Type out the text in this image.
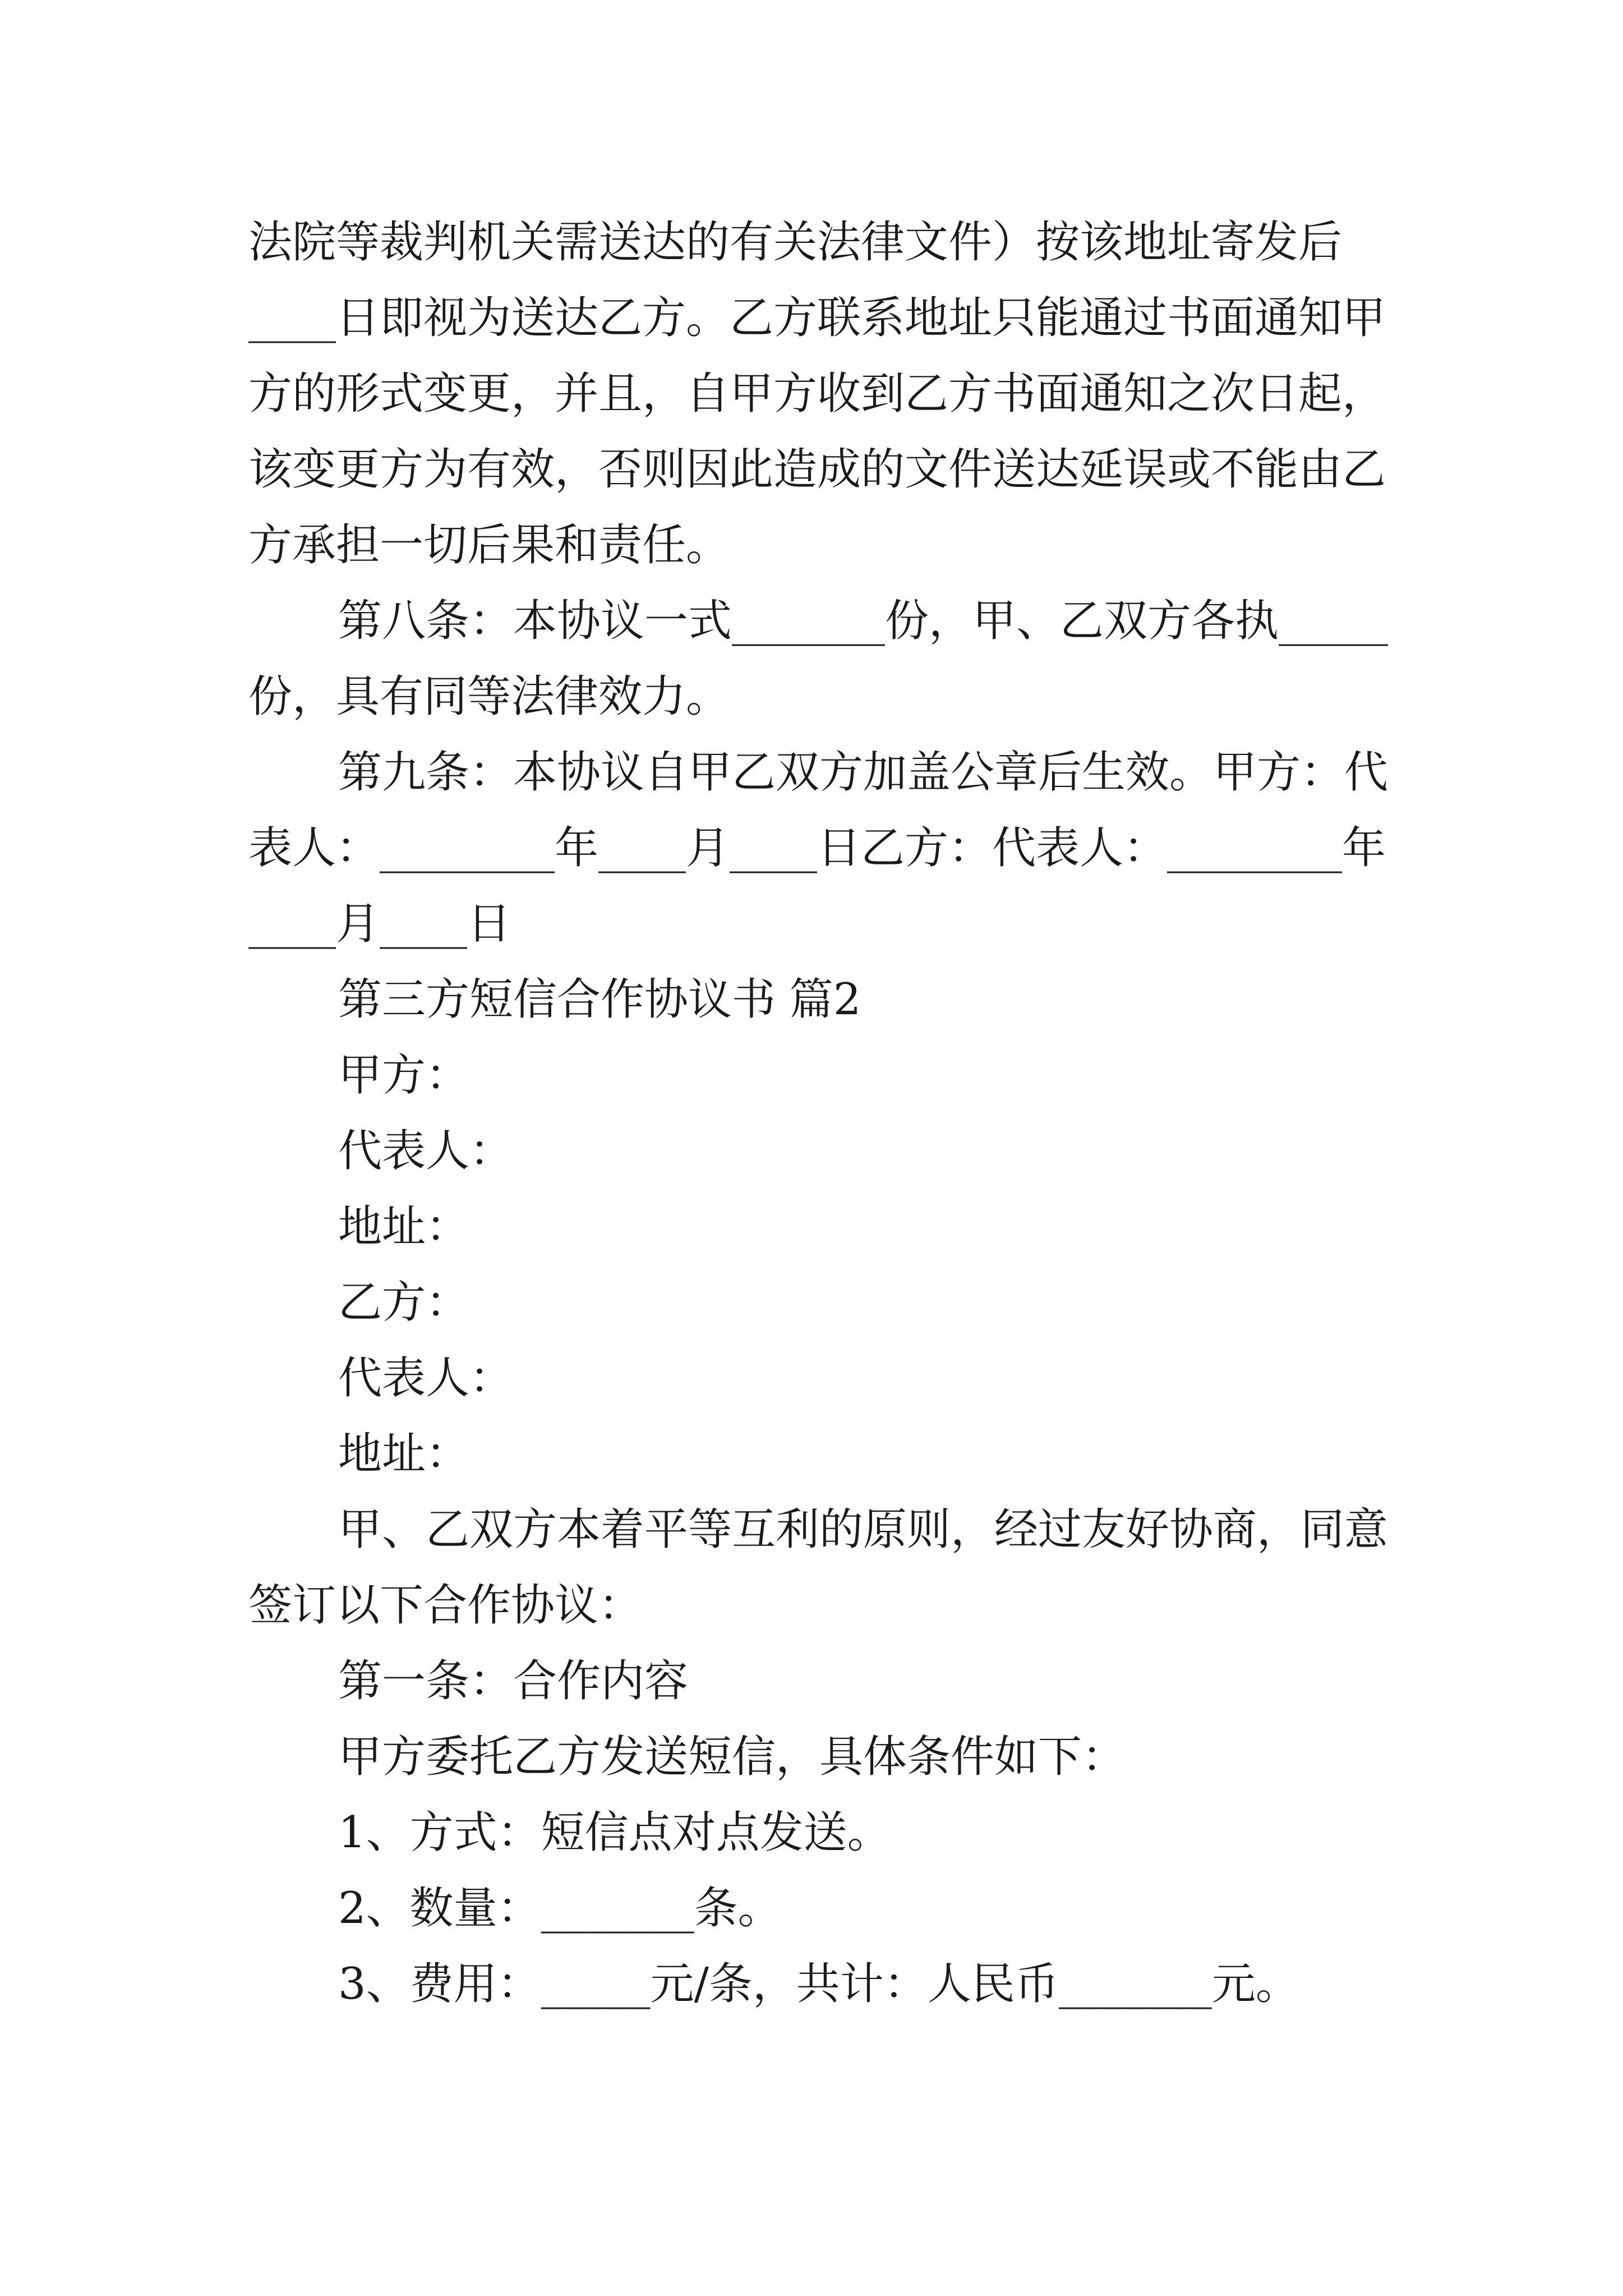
法院等裁判机关需送达的有关法律文件）按该地址寄发后
____日即视为送达乙方。乙方联系地址只能通过书面通知甲
方的形式变更，并且，自甲方收到乙方书面通知之次日起，
该变更方为有效，否则因此造成的文件送达延误或不能由乙
方承担一切后果和责任。
第八条：本协议一式_______份，甲、乙双方各执_____
份，具有同等法律效力。
第九条：本协议自甲乙双方加盖公章后生效。甲方：代
表人：________年____月____日乙方：代表人：________年
____月____日
第三方短信合作协议书 篇2
甲方：
代表人：
地址：
乙方：
代表人：
地址：
甲、乙双方本着平等互利的原则，经过友好协商，同意
签订以下合作协议：
第一条：合作内容
甲方委托乙方发送短信，具体条件如下：
1、方式：短信点对点发送。
2、数量：_______条。
3、费用：_____元/条，共计：人民币_______元。
